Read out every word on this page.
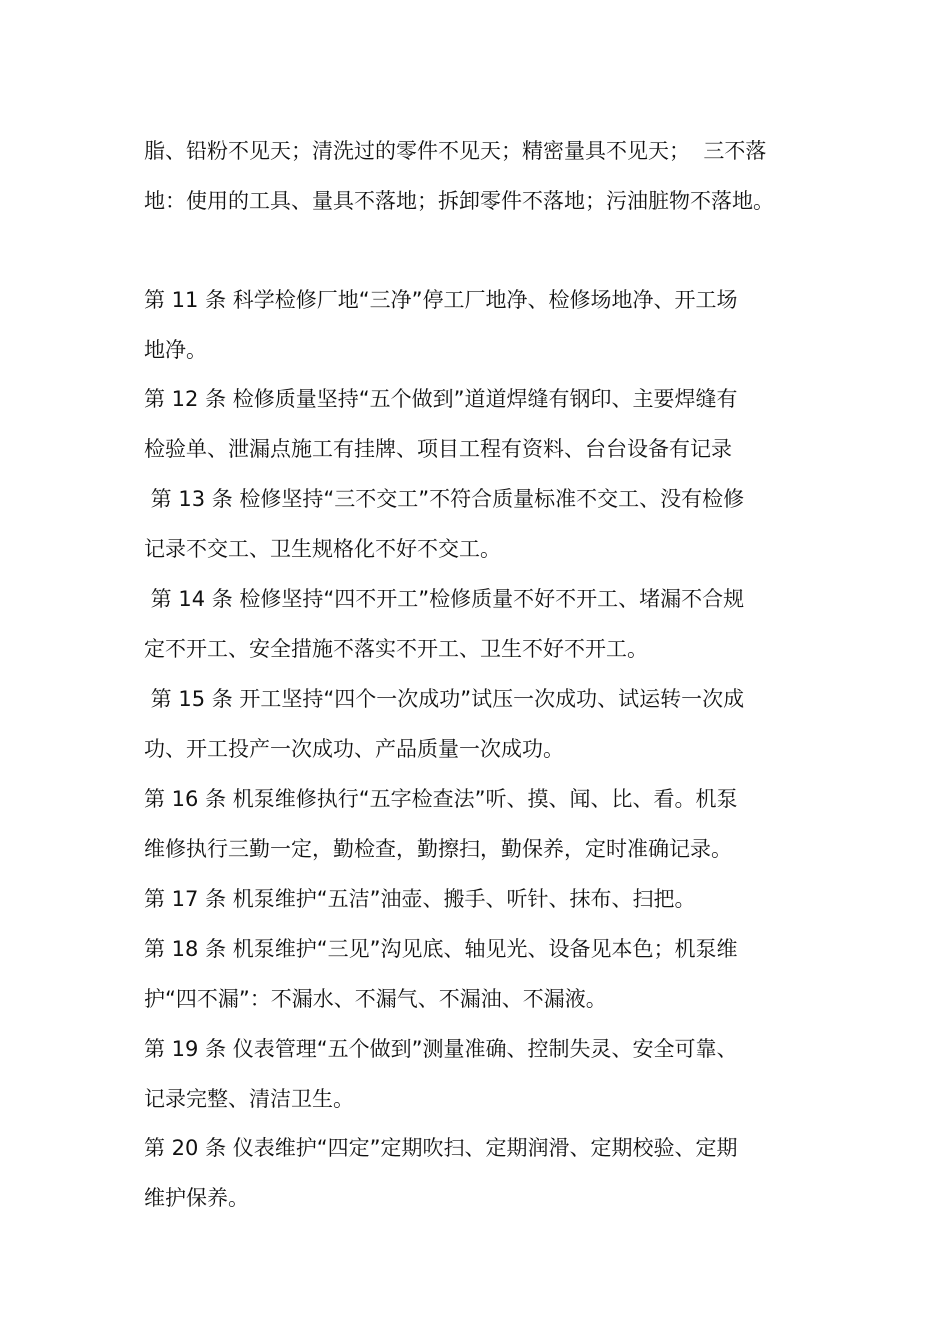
脂、铅粉不见天；清洗过的零件不见天；精密量具不见天；  三不落

地：使用的工具、量具不落地；拆卸零件不落地；污油脏物不落地。

第 11 条 科学检修厂地“三净”停工厂地净、检修场地净、开工场

地净。

第 12 条 检修质量坚持“五个做到”道道焊缝有钢印、主要焊缝有

检验单、泄漏点施工有挂牌、项目工程有资料、台台设备有记录

第 13 条 检修坚持“三不交工”不符合质量标准不交工、没有检修

记录不交工、卫生规格化不好不交工。

第 14 条 检修坚持“四不开工”检修质量不好不开工、堵漏不合规

定不开工、安全措施不落实不开工、卫生不好不开工。

第 15 条 开工坚持“四个一次成功”试压一次成功、试运转一次成

功、开工投产一次成功、产品质量一次成功。

第 16 条 机泵维修执行“五字检查法”听、摸、闻、比、看。机泵

维修执行三勤一定，勤检查，勤擦扫，勤保养，定时准确记录。

第 17 条 机泵维护“五洁”油壶、搬手、听针、抹布、扫把。

第 18 条 机泵维护“三见”沟见底、轴见光、设备见本色；机泵维

护“四不漏”：不漏水、不漏气、不漏油、不漏液。

第 19 条 仪表管理“五个做到”测量准确、控制失灵、安全可靠、

记录完整、清洁卫生。

第 20 条 仪表维护“四定”定期吹扫、定期润滑、定期校验、定期

维护保养。
